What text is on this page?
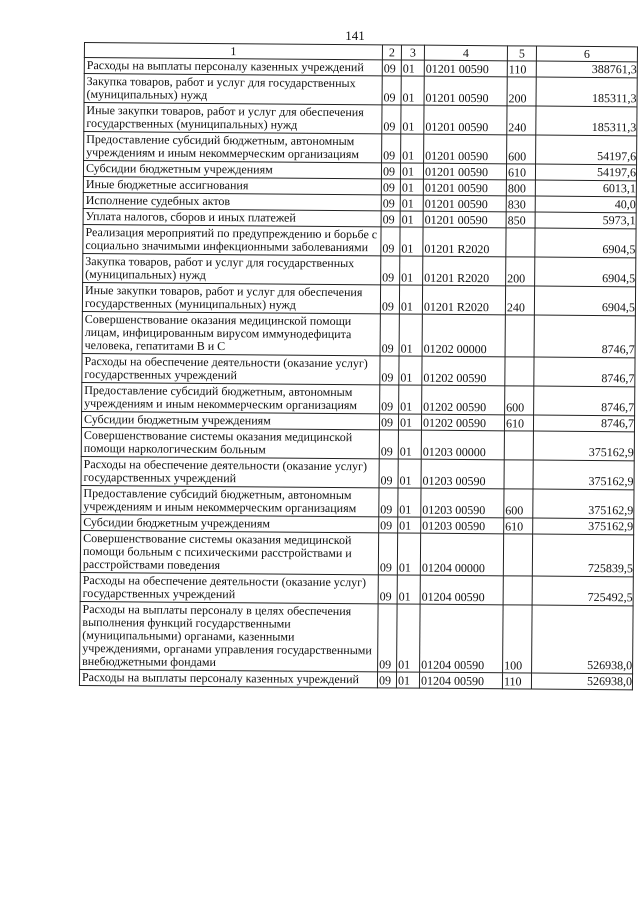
141
1	2	3	4	5	6
Расходы на выплаты персоналу казенных учреждений	09	01	01201 00590	110	388761,3
Закупка товаров, работ и услуг для государственных (муниципальных) нужд	09	01	01201 00590	200	185311,3
Иные закупки товаров, работ и услуг для обеспечения государственных (муниципальных) нужд	09	01	01201 00590	240	185311,3
Предоставление субсидий бюджетным, автономным учреждениям и иным некоммерческим организациям	09	01	01201 00590	600	54197,6
Субсидии бюджетным учреждениям	09	01	01201 00590	610	54197,6
Иные бюджетные ассигнования	09	01	01201 00590	800	6013,1
Исполнение судебных актов	09	01	01201 00590	830	40,0
Уплата налогов, сборов и иных платежей	09	01	01201 00590	850	5973,1
Реализация мероприятий по предупреждению и борьбе с социально значимыми инфекционными заболеваниями	09	01	01201 R2020		6904,5
Закупка товаров, работ и услуг для государственных (муниципальных) нужд	09	01	01201 R2020	200	6904,5
Иные закупки товаров, работ и услуг для обеспечения государственных (муниципальных) нужд	09	01	01201 R2020	240	6904,5
Совершенствование оказания медицинской помощи лицам, инфицированным вирусом иммунодефицита человека, гепатитами B и C	09	01	01202 00000		8746,7
Расходы на обеспечение деятельности (оказание услуг) государственных учреждений	09	01	01202 00590		8746,7
Предоставление субсидий бюджетным, автономным учреждениям и иным некоммерческим организациям	09	01	01202 00590	600	8746,7
Субсидии бюджетным учреждениям	09	01	01202 00590	610	8746,7
Совершенствование системы оказания медицинской помощи наркологическим больным	09	01	01203 00000		375162,9
Расходы на обеспечение деятельности (оказание услуг) государственных учреждений	09	01	01203 00590		375162,9
Предоставление субсидий бюджетным, автономным учреждениям и иным некоммерческим организациям	09	01	01203 00590	600	375162,9
Субсидии бюджетным учреждениям	09	01	01203 00590	610	375162,9
Совершенствование системы оказания медицинской помощи больным с психическими расстройствами и расстройствами поведения	09	01	01204 00000		725839,5
Расходы на обеспечение деятельности (оказание услуг) государственных учреждений	09	01	01204 00590		725492,5
Расходы на выплаты персоналу в целях обеспечения выполнения функций государственными (муниципальными) органами, казенными учреждениями, органами управления государственными внебюджетными фондами	09	01	01204 00590	100	526938,0
Расходы на выплаты персоналу казенных учреждений	09	01	01204 00590	110	526938,0
